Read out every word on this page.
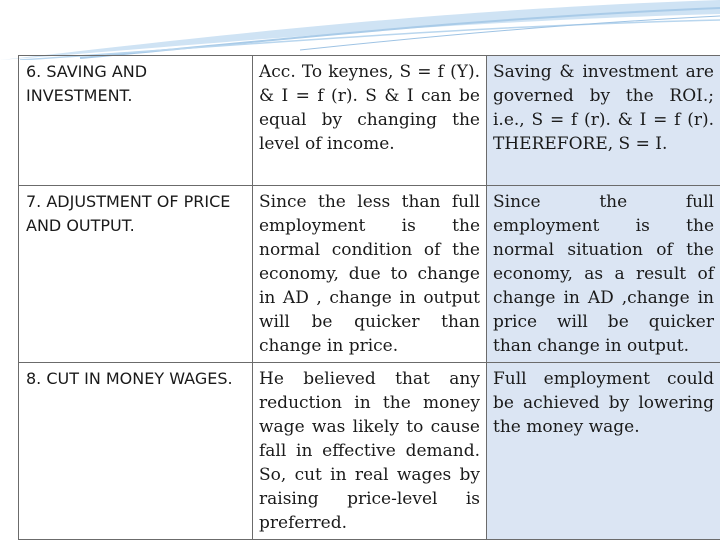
6. SAVING AND INVESTMENT.	Acc. To keynes, S = f (Y). & I = f (r). S & I can be equal by changing the level of income.	Saving & investment are governed by the ROI.; i.e., S = f (r). & I = f (r). THEREFORE, S = I.
7. ADJUSTMENT OF PRICE AND OUTPUT.	Since the less than full employment is the normal condition of the economy, due to change in AD , change in output will be quicker than change in price.	Since the full employment is the normal situation of the economy, as a result of change in AD ,change in price will be quicker than change in output.
8. CUT IN MONEY WAGES.	He believed that any reduction in the money wage was likely to cause fall in effective demand. So, cut in real wages by raising price-level is preferred.	Full employment could be achieved by lowering the money wage.
